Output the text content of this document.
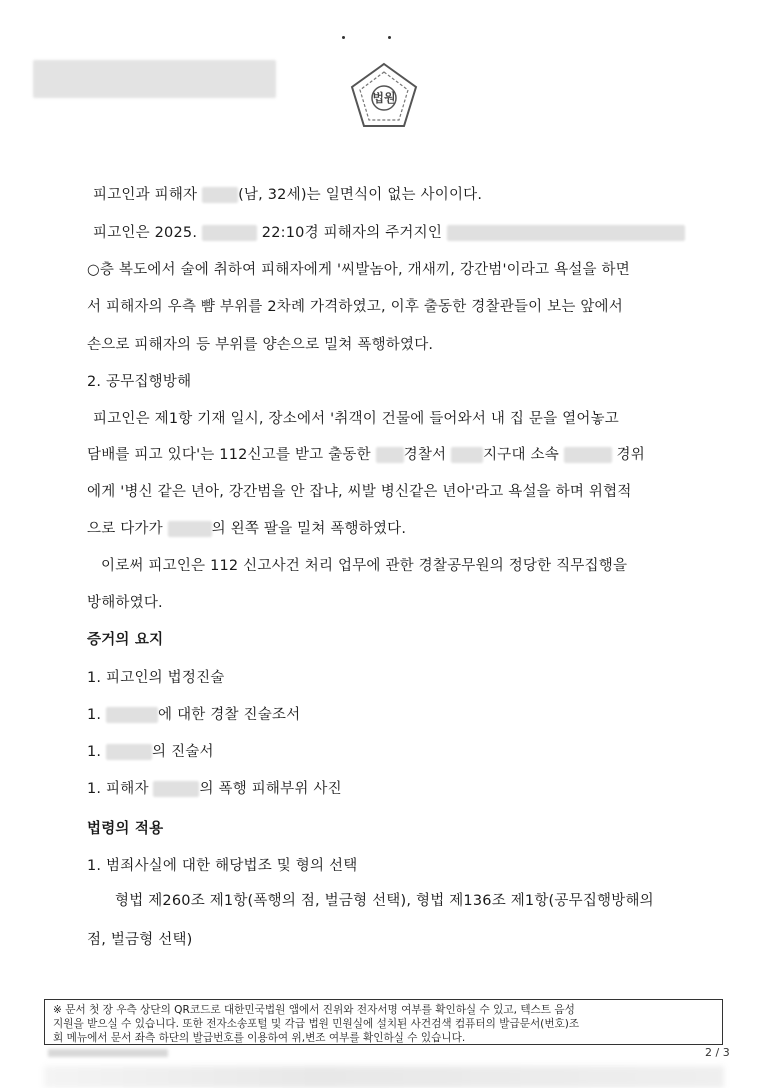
법원
피고인과 피해자 (남, 32세)는 일면식이 없는 사이이다.
피고인은 2025.	22:10경 피해자의 주거지인
○층 복도에서 술에 취하여 피해자에게 '씨발놈아, 개새끼, 강간범'이라고 욕설을 하면
서 피해자의 우측 뺨 부위를 2차례 가격하였고, 이후 출동한 경찰관들이 보는 앞에서
손으로 피해자의 등 부위를 양손으로 밀쳐 폭행하였다.
2. 공무집행방해
피고인은 제1항 기재 일시, 장소에서 '취객이 건물에 들어와서 내 집 문을 열어놓고
담배를 피고 있다'는 112신고를 받고 출동한 경찰서 지구대 소속	경위
에게 '병신 같은 년아, 강간범을 안 잡냐, 씨발 병신같은 년아'라고 욕설을 하며 위협적
으로 다가가	의 왼쪽 팔을 밀쳐 폭행하였다.
이로써 피고인은 112 신고사건 처리 업무에 관한 경찰공무원의 정당한 직무집행을
방해하였다.
증거의 요지
1. 피고인의 법정진술
1.	에 대한 경찰 진술조서
1.	의 진술서
1. 피해자	의 폭행 피해부위 사진
법령의 적용
1. 범죄사실에 대한 해당법조 및 형의 선택
형법 제260조 제1항(폭행의 점, 벌금형 선택), 형법 제136조 제1항(공무집행방해의
점, 벌금형 선택)
※ 문서 첫 장 우측 상단의 QR코드로 대한민국법원 앱에서 진위와 전자서명 여부를 확인하실 수 있고, 텍스트 음성
지원을 받으실 수 있습니다. 또한 전자소송포털 및 각급 법원 민원실에 설치된 사건검색 컴퓨터의 발급문서(번호)조
회 메뉴에서 문서 좌측 하단의 발급번호를 이용하여 위,변조 여부를 확인하실 수 있습니다.
2 / 3
